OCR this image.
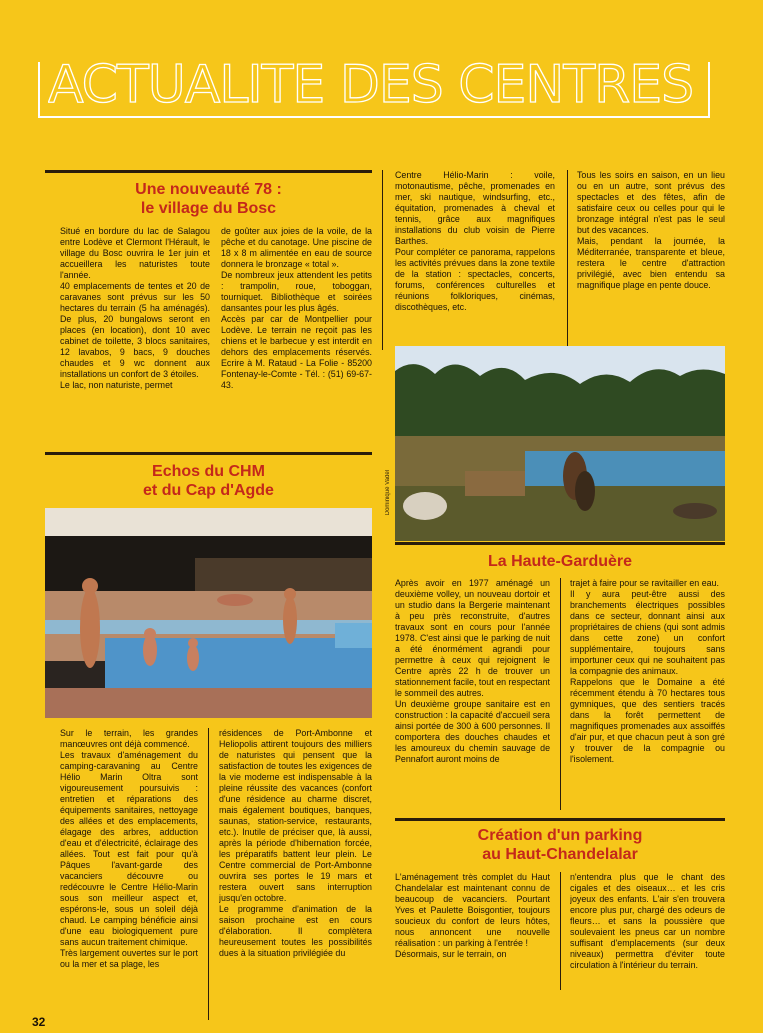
ACTUALITE DES CENTRES
Une nouveauté 78 :
le village du Bosc
Situé en bordure du lac de Salagou entre Lodève et Clermont l'Hérault, le village du Bosc ouvrira le 1er juin et accueillera les naturistes toute l'année.
40 emplacements de tentes et 20 de caravanes sont prévus sur les 50 hectares du terrain (5 ha aménagés). De plus, 20 bungalows seront en places (en location), dont 10 avec cabinet de toilette, 3 blocs sanitaires, 12 lavabos, 9 bacs, 9 douches chaudes et 9 wc donnent aux installations un confort de 3 étoiles.
Le lac, non naturiste, permet
de goûter aux joies de la voile, de la pêche et du canotage. Une piscine de 18 x 8 m alimentée en eau de source donnera le bronzage « total ».
De nombreux jeux attendent les petits : trampolin, roue, toboggan, tourniquet. Bibliothèque et soirées dansantes pour les plus âgés.
Accès par car de Montpellier pour Lodève. Le terrain ne reçoit pas les chiens et le barbecue y est interdit en dehors des emplacements réservés. Ecrire à M. Rataud - La Folie - 85200 Fontenay-le-Comte - Tél. : (51) 69-67-43.
Echos du CHM
et du Cap d'Agde
Sur le terrain, les grandes manœuvres ont déjà commencé.
Les travaux d'aménagement du camping-caravaning au Centre Hélio Marin Oltra sont vigoureusement poursuivis : entretien et réparations des équipements sanitaires, nettoyage des allées et des emplacements, élagage des arbres, adduction d'eau et d'électricité, éclairage des allées. Tout est fait pour qu'à Pâques l'avant-garde des vacanciers découvre ou redécouvre le Centre Hélio-Marin sous son meilleur aspect et, espérons-le, sous un soleil déjà chaud. Le camping bénéficie ainsi d'une eau biologiquement pure sans aucun traitement chimique.
Très largement ouvertes sur le port ou la mer et sa plage, les
résidences de Port-Ambonne et Heliopolis attirent toujours des milliers de naturistes qui pensent que la satisfaction de toutes les exigences de la vie moderne est indispensable à la pleine réussite des vacances (confort d'une résidence au charme discret, mais également boutiques, banques, saunas, station-service, restaurants, etc.). Inutile de préciser que, là aussi, après la période d'hibernation forcée, les préparatifs battent leur plein. Le Centre commercial de Port-Ambonne ouvrira ses portes le 19 mars et restera ouvert sans interruption jusqu'en octobre.
Le programme d'animation de la saison prochaine est en cours d'élaboration. Il complètera heureusement toutes les possibilités dues à la situation privilégiée du
Centre Hélio-Marin : voile, motonautisme, pêche, promenades en mer, ski nautique, windsurfing, etc., équitation, promenades à cheval et tennis, grâce aux magnifiques installations du club voisin de Pierre Barthes.
Pour compléter ce panorama, rappelons les activités prévues dans la zone textile de la station : spectacles, concerts, forums, conférences culturelles et réunions folkloriques, cinémas, discothèques, etc.
Tous les soirs en saison, en un lieu ou en un autre, sont prévus des spectacles et des fêtes, afin de satisfaire ceux ou celles pour qui le bronzage intégral n'est pas le seul but des vacances.
Mais, pendant la journée, la Méditerranée, transparente et bleue, restera le centre d'attraction privilégié, avec bien entendu sa magnifique plage en pente douce.
Dominique Vadel
La Haute-Garduère
Après avoir en 1977 aménagé un deuxième volley, un nouveau dortoir et un studio dans la Bergerie maintenant à peu près reconstruite, d'autres travaux sont en cours pour l'année 1978. C'est ainsi que le parking de nuit a été énormément agrandi pour permettre à ceux qui rejoignent le Centre après 22 h de trouver un stationnement facile, tout en respectant le sommeil des autres.
Un deuxième groupe sanitaire est en construction : la capacité d'accueil sera ainsi portée de 300 à 600 personnes. Il comportera des douches chaudes et les amoureux du chemin sauvage de Pennafort auront moins de
trajet à faire pour se ravitailler en eau.
Il y aura peut-être aussi des branchements électriques possibles dans ce secteur, donnant ainsi aux propriétaires de chiens (qui sont admis dans cette zone) un confort supplémentaire, toujours sans importuner ceux qui ne souhaitent pas la compagnie des animaux.
Rappelons que le Domaine a été récemment étendu à 70 hectares tous gymniques, que des sentiers tracés dans la forêt permettent de magnifiques promenades aux assoiffés d'air pur, et que chacun peut à son gré y trouver de la compagnie ou l'isolement.
Création d'un parking
au Haut-Chandelalar
L'aménagement très complet du Haut Chandelalar est maintenant connu de beaucoup de vacanciers. Pourtant Yves et Paulette Boisgontier, toujours soucieux du confort de leurs hôtes, nous annoncent une nouvelle réalisation : un parking à l'entrée !
Désormais, sur le terrain, on
n'entendra plus que le chant des cigales et des oiseaux… et les cris joyeux des enfants. L'air s'en trouvera encore plus pur, chargé des odeurs de fleurs… et sans la poussière que soulevaient les pneus car un nombre suffisant d'emplacements (sur deux niveaux) permettra d'éviter toute circulation à l'intérieur du terrain.
32
